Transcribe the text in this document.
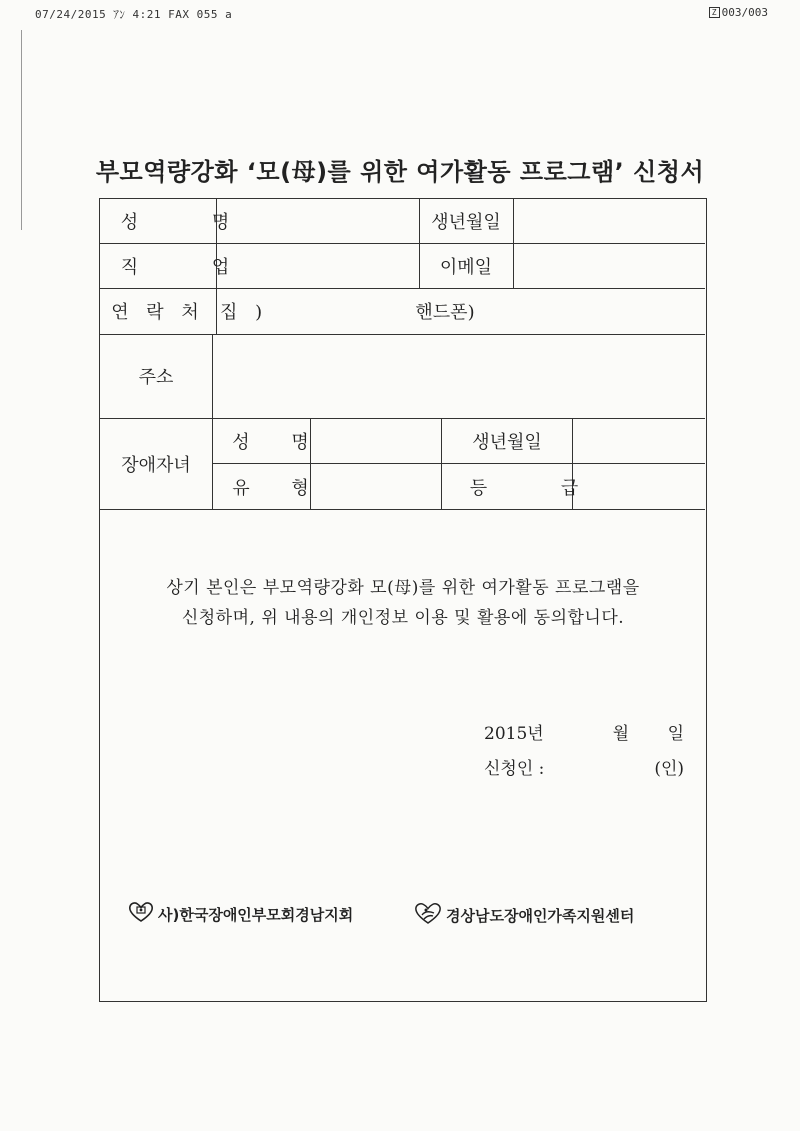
07/24/2015 ｱﾝ 4:21 FAX 055 a	Z 003/003
부모역량강화 ‘모(母)를 위한 여가활동 프로그램’ 신청서
성 명	생년월일
직 업	이메일
연 락 처 집 )	핸드폰)
주소
장애자녀
성 명	생년월일
유 형	등 급
상기 본인은 부모역량강화 모(母)를 위한 여가활동 프로그램을
신청하며, 위 내용의 개인정보 이용 및 활용에 동의합니다.
2015년	월	일
신청인 :	(인)
사)한국장애인부모회경남지회	경상남도장애인가족지원센터
